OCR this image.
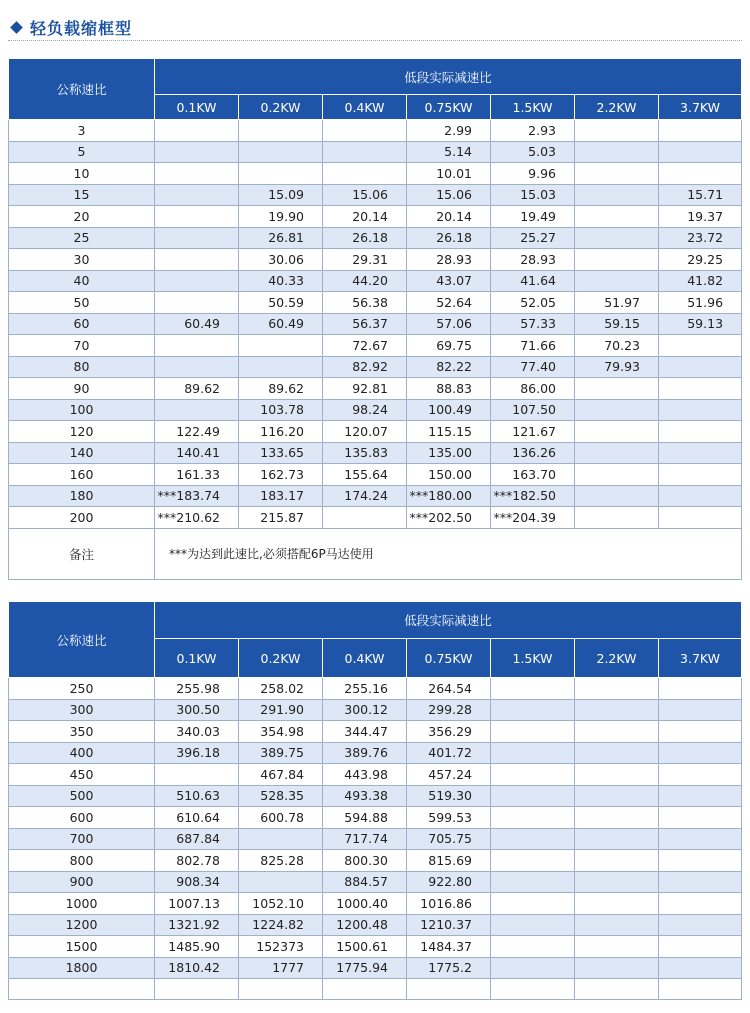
轻负载缩框型
公称速比	低段实际减速比						
	0.1KW	0.2KW	0.4KW	0.75KW	1.5KW	2.2KW	3.7KW
3				2.99	2.93		
5				5.14	5.03		
10				10.01	9.96		
15		15.09	15.06	15.06	15.03		15.71
20		19.90	20.14	20.14	19.49		19.37
25		26.81	26.18	26.18	25.27		23.72
30		30.06	29.31	28.93	28.93		29.25
40		40.33	44.20	43.07	41.64		41.82
50		50.59	56.38	52.64	52.05	51.97	51.96
60	60.49	60.49	56.37	57.06	57.33	59.15	59.13
70			72.67	69.75	71.66	70.23	
80			82.92	82.22	77.40	79.93	
90	89.62	89.62	92.81	88.83	86.00		
100		103.78	98.24	100.49	107.50		
120	122.49	116.20	120.07	115.15	121.67		
140	140.41	133.65	135.83	135.00	136.26		
160	161.33	162.73	155.64	150.00	163.70		
180	***183.74	183.17	174.24	***180.00	***182.50		
200	***210.62	215.87		***202.50	***204.39		
备注	***为达到此速比,必须搭配6P马达使用						
公称速比	低段实际减速比						
	0.1KW	0.2KW	0.4KW	0.75KW	1.5KW	2.2KW	3.7KW
250	255.98	258.02	255.16	264.54			
300	300.50	291.90	300.12	299.28			
350	340.03	354.98	344.47	356.29			
400	396.18	389.75	389.76	401.72			
450		467.84	443.98	457.24			
500	510.63	528.35	493.38	519.30			
600	610.64	600.78	594.88	599.53			
700	687.84		717.74	705.75			
800	802.78	825.28	800.30	815.69			
900	908.34		884.57	922.80			
1000	1007.13	1052.10	1000.40	1016.86			
1200	1321.92	1224.82	1200.48	1210.37			
1500	1485.90	152373	1500.61	1484.37			
1800	1810.42	1777	1775.94	1775.2			
